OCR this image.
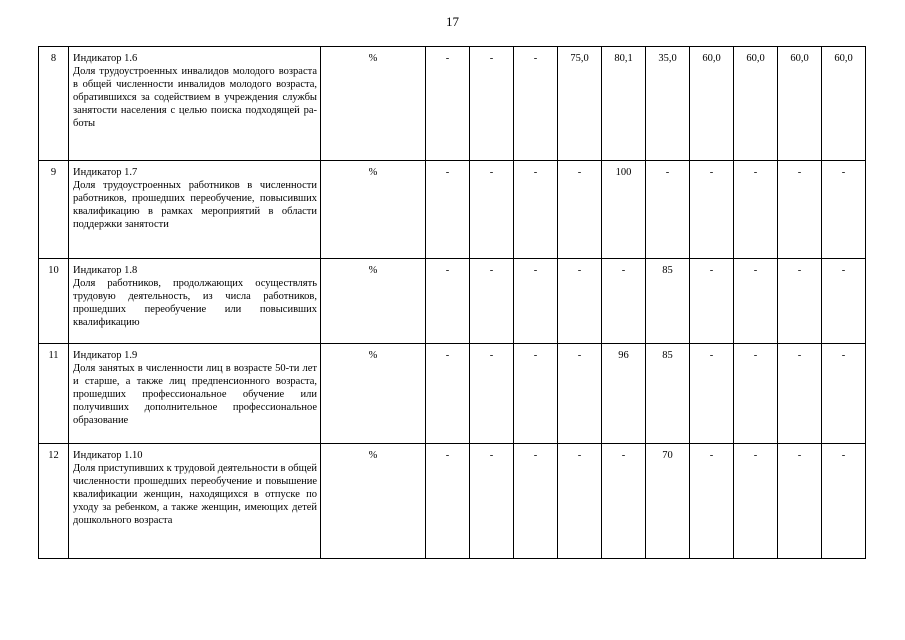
17
8	Индикатор 1.6
Доля трудоустроенных инвалидов молодого возраста в общей численности инвалидов молодого возраста, обратившихся за содействием в учреждения службы занятости населения с целью поиска подходящей работы	%	-	-	-	75,0	80,1	35,0	60,0	60,0	60,0	60,0
9	Индикатор 1.7
Доля трудоустроенных работников в численности работников, прошедших переобучение, повысивших квалификацию в рамках мероприятий в области поддержки занятости	%	-	-	-	-	100	-	-	-	-	-
10	Индикатор 1.8
Доля работников, продолжающих осуществлять трудовую деятельность, из числа работников, прошедших переобучение или повысивших квалификацию	%	-	-	-	-	-	85	-	-	-	-
11	Индикатор 1.9
Доля занятых в численности лиц в возрасте 50-ти лет и старше, а также лиц предпенсионного возраста, прошедших профессиональное обучение или получивших дополнительное профессиональное образование	%	-	-	-	-	96	85	-	-	-	-
12	Индикатор 1.10
Доля приступивших к трудовой деятельности в общей численности прошедших переобучение и повышение квалификации женщин, находящихся в отпуске по уходу за ребенком, а также женщин, имеющих детей дошкольного возраста	%	-	-	-	-	-	70	-	-	-	-
